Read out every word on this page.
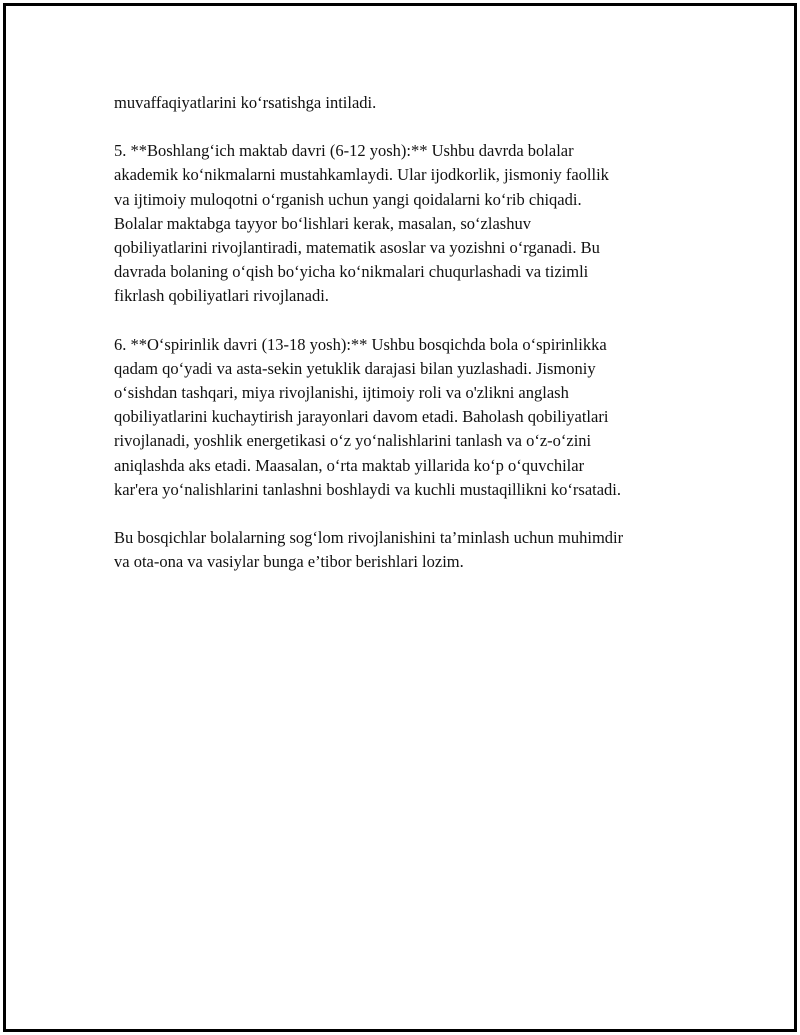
muvaffaqiyatlarini ko‘rsatishga intiladi.

5. **Boshlang‘ich maktab davri (6-12 yosh):** Ushbu davrda bolalar
akademik ko‘nikmalarni mustahkamlaydi. Ular ijodkorlik, jismoniy faollik
va ijtimoiy muloqotni o‘rganish uchun yangi qoidalarni ko‘rib chiqadi.
Bolalar maktabga tayyor bo‘lishlari kerak, masalan, so‘zlashuv
qobiliyatlarini rivojlantiradi, matematik asoslar va yozishni o‘rganadi. Bu
davrada bolaning o‘qish bo‘yicha ko‘nikmalari chuqurlashadi va tizimli
fikrlash qobiliyatlari rivojlanadi.

6. **O‘spirinlik davri (13-18 yosh):** Ushbu bosqichda bola o‘spirinlikka
qadam qo‘yadi va asta-sekin yetuklik darajasi bilan yuzlashadi. Jismoniy
o‘sishdan tashqari, miya rivojlanishi, ijtimoiy roli va o'zlikni anglash
qobiliyatlarini kuchaytirish jarayonlari davom etadi. Baholash qobiliyatlari
rivojlanadi, yoshlik energetikasi o‘z yo‘nalishlarini tanlash va o‘z-o‘zini
aniqlashda aks etadi. Maasalan, o‘rta maktab yillarida ko‘p o‘quvchilar
kar'era yo‘nalishlarini tanlashni boshlaydi va kuchli mustaqillikni ko‘rsatadi.

Bu bosqichlar bolalarning sog‘lom rivojlanishini ta’minlash uchun muhimdir
va ota-ona va vasiylar bunga e’tibor berishlari lozim.
